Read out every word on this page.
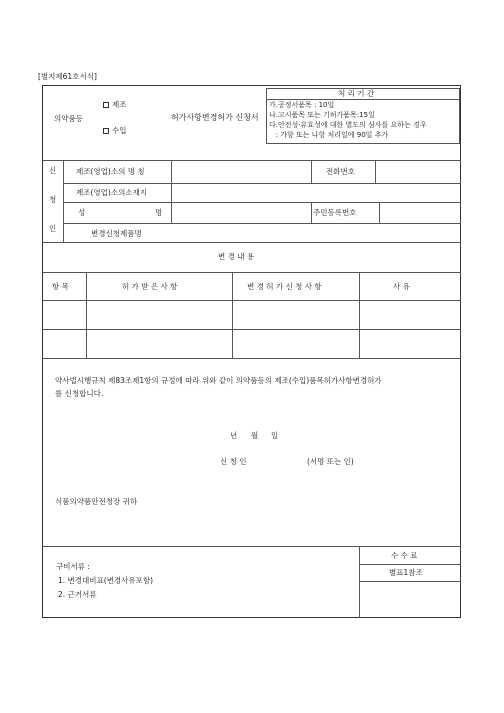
[별지제61호서식]
의약품등
제조
수입
허가사항변경허가 신청서
처 리 기 간
가.공정서품목 : 10일
나.고시품목 또는 기허가품목:15일
다.안전성·유효성에 대한 별도의 심사를 요하는 경우
: 가항 또는 나항 처리일에 90일 추가
신
청
인
제조(영업)소의 명 칭	전화번호
제조(영업)소의소재지
성	명	주민등록번호
변경신청제품명
변 경 내 용
항 목	허 가 받 은 사 항	변 경 허 가 신 청 사 항	사 유
약사법시행규칙 제83조제1항의 규정에 따라 위와 같이 의약품등의 제조(수입)품목허가사항변경허가
를 신청합니다.
년 월 일
신 청 인	(서명 또는 인)
식품의약품안전청장 귀하
구비서류 :
1. 변경대비표(변경사유포함)
2. 근거서류
수 수 료
별표1참조
